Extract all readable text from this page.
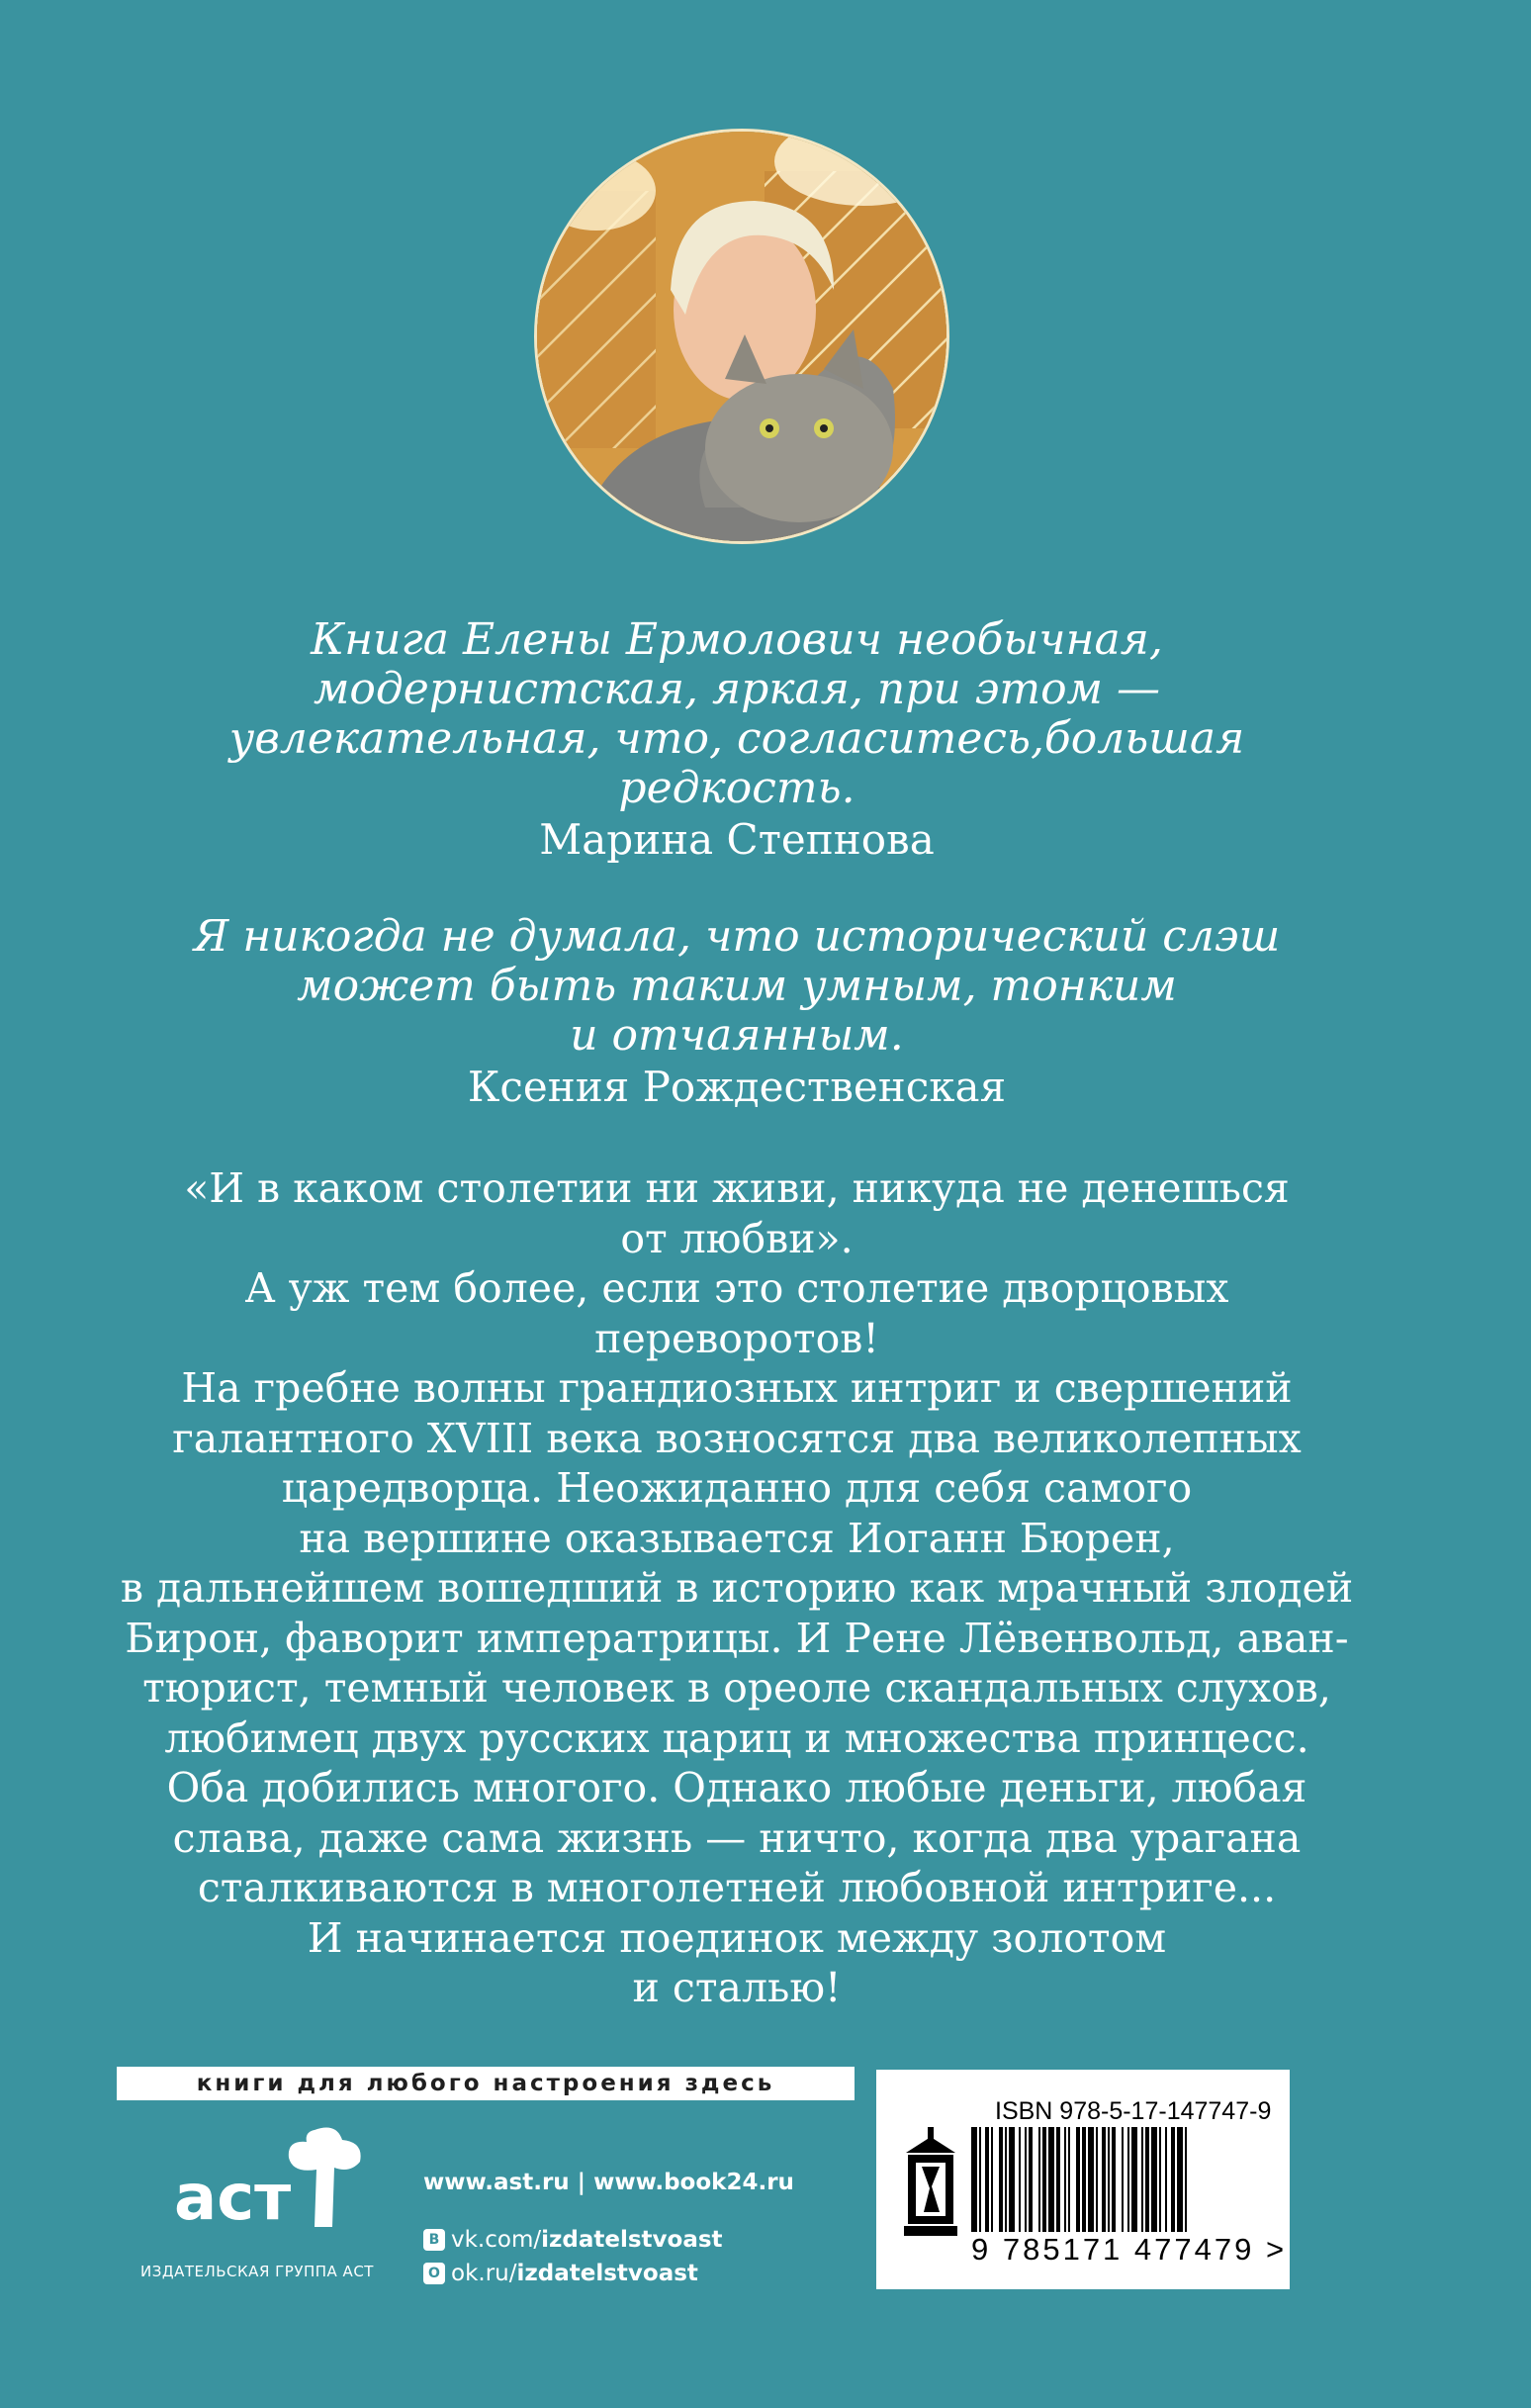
Книга Елены Ермолович необычная,

модернистская, яркая, при этом —

увлекательная, что, согласитесь,большая

редкость.

Марина Степнова

Я никогда не думала, что исторический слэш

может быть таким умным, тонким

и отчаянным.

Ксения Рождественская

«И в каком столетии ни живи, никуда не денешься

от любви».

А уж тем более, если это столетие дворцовых

переворотов!

На гребне волны грандиозных интриг и свершений

галантного XVIII века возносятся два великолепных

царедворца. Неожиданно для себя самого

на вершине оказывается Иоганн Бюрен,

в дальнейшем вошедший в историю как мрачный злодей

Бирон, фаворит императрицы. И Рене Лёвенвольд, аван-

тюрист, темный человек в ореоле скандальных слухов,

любимец двух русских цариц и множества принцесс.

Оба добились многого. Однако любые деньги, любая

слава, даже сама жизнь — ничто, когда два урагана

сталкиваются в многолетней любовной интриге...

И начинается поединок между золотом

и сталью!

книги для любого настроения здесь
аст
ИЗДАТЕЛЬСКАЯ ГРУППА АСТ
www.ast.ru | www.book24.ru
В vk.com/ izdatelstvoast
О ok.ru/ izdatelstvoast
ISBN 978-5-17-147747-9
9 785171 477479 >
